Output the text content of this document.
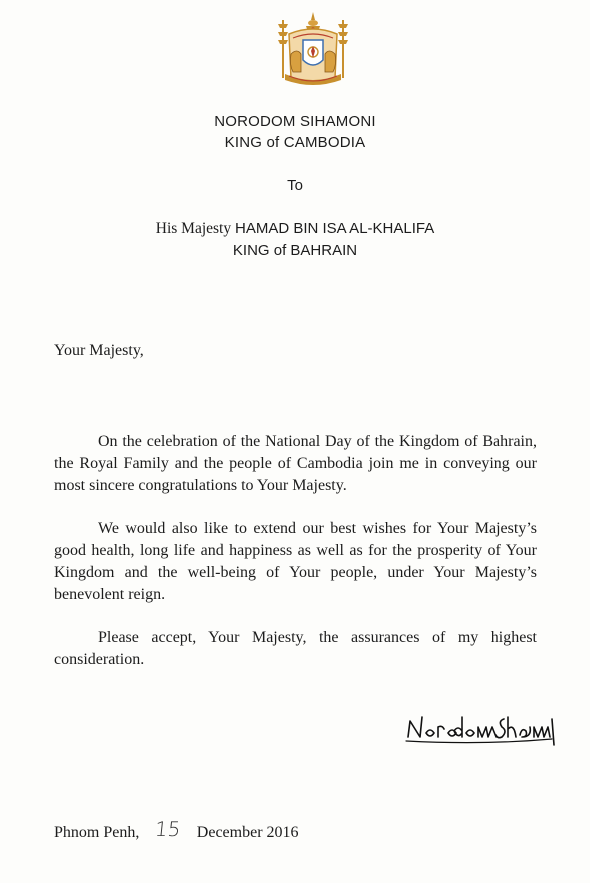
NORODOM SIHAMONI
KING of CAMBODIA
To
His Majesty HAMAD BIN ISA AL-KHALIFA
KING of BAHRAIN
Your Majesty,

On the celebration of the National Day of the Kingdom of Bahrain, the Royal Family and the people of Cambodia join me in conveying our most sincere congratulations to Your Majesty.

We would also like to extend our best wishes for Your Majesty’s good health, long life and happiness as well as for the prosperity of Your Kingdom and the well-being of Your people, under Your Majesty’s benevolent reign.

Please accept, Your Majesty, the assurances of my highest consideration.

Phnom Penh, 15 December 2016
